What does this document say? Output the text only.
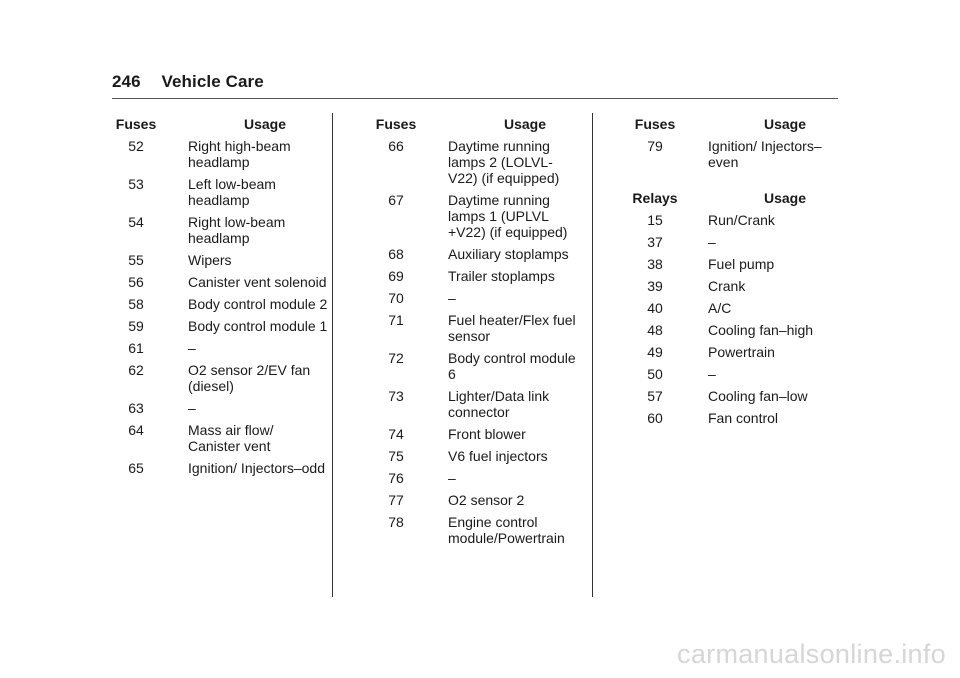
246 Vehicle Care
Fuses	Usage
52	Right high-beam headlamp
53	Left low-beam headlamp
54	Right low-beam headlamp
55	Wipers
56	Canister vent solenoid
58	Body control module 2
59	Body control module 1
61	–
62	O2 sensor 2/EV fan (diesel)
63	–
64	Mass air flow/ Canister vent
65	Ignition/ Injectors–odd
Fuses	Usage
66	Daytime running lamps 2 (LOLVL-V22) (if equipped)
67	Daytime running lamps 1 (UPLVL +V22) (if equipped)
68	Auxiliary stoplamps
69	Trailer stoplamps
70	–
71	Fuel heater/Flex fuel sensor
72	Body control module 6
73	Lighter/Data link connector
74	Front blower
75	V6 fuel injectors
76	–
77	O2 sensor 2
78	Engine control module/Powertrain
Fuses	Usage
79	Ignition/ Injectors–even
Relays	Usage
15	Run/Crank
37	–
38	Fuel pump
39	Crank
40	A/C
48	Cooling fan–high
49	Powertrain
50	–
57	Cooling fan–low
60	Fan control
carmanualsonline.info
